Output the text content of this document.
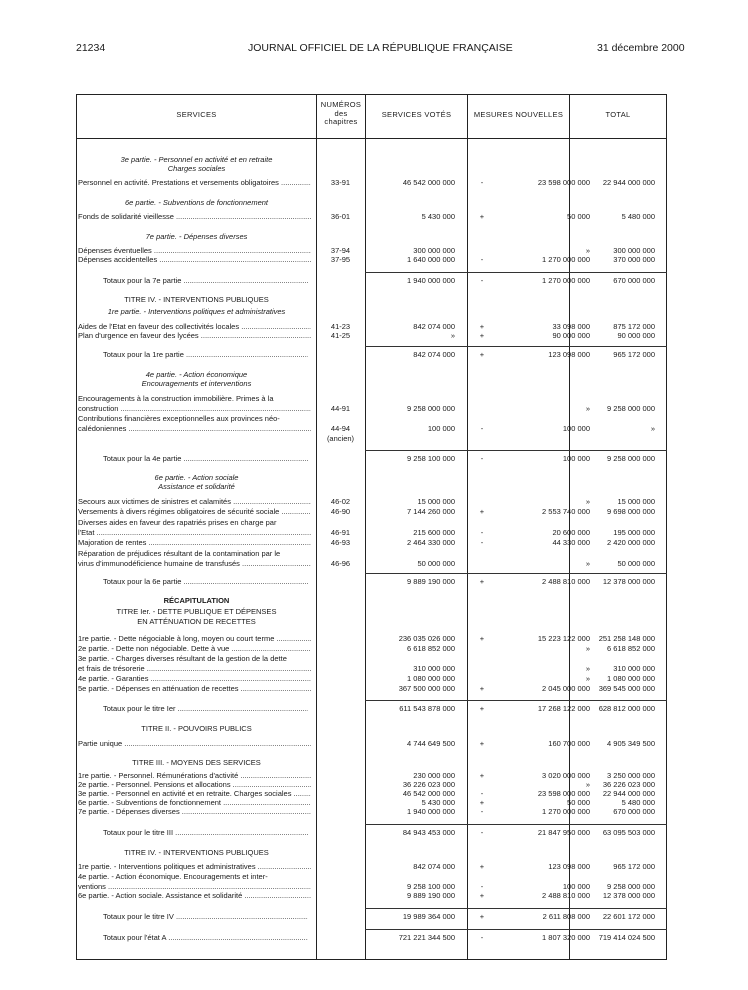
21234	JOURNAL OFFICIEL DE LA RÉPUBLIQUE FRANÇAISE	31 décembre 2000
SERVICES
NUMÉROS
des
chapitres
SERVICES VOTÉS	MESURES NOUVELLES	TOTAL
3e partie. - Personnel en activité et en retraite
Charges sociales
Personnel en activité. Prestations et versements obligatoires .....	33-91	46 542 000 000	-	23 598 000 000	22 944 000 000
6e partie. - Subventions de fonctionnement
Fonds de solidarité vieillesse .....	36-01	5 430 000	+	50 000	5 480 000
7e partie. - Dépenses diverses
Dépenses éventuelles .....	37-94	300 000 000	»	300 000 000
Dépenses accidentelles .....	37-95	1 640 000 000	-	1 270 000 000	370 000 000
Totaux pour la 7e partie .....	1 940 000 000	-	1 270 000 000	670 000 000
TITRE IV. - INTERVENTIONS PUBLIQUES
1re partie. - Interventions politiques et administratives
Aides de l'Etat en faveur des collectivités locales .....	41-23	842 074 000	+	33 098 000	875 172 000
Plan d'urgence en faveur des lycées .....	41-25	»	+	90 000 000	90 000 000
Totaux pour la 1re partie .....	842 074 000	+	123 098 000	965 172 000
4e partie. - Action économique
Encouragements et interventions
Encouragements à la construction immobilière. Primes à la
construction .....	44-91	9 258 000 000	»	9 258 000 000
Contributions financières exceptionnelles aux provinces néo-
calédoniennes .....	44-94	100 000	-	100 000	»
(ancien)
Totaux pour la 4e partie .....	9 258 100 000	-	100 000	9 258 000 000
6e partie. - Action sociale
Assistance et solidarité
Secours aux victimes de sinistres et calamités .....	46-02	15 000 000	»	15 000 000
Versements à divers régimes obligatoires de sécurité sociale .....	46-90	7 144 260 000	+	2 553 740 000	9 698 000 000
Diverses aides en faveur des rapatriés prises en charge par
l'Etat .....	46-91	215 600 000	-	20 600 000	195 000 000
Majoration de rentes .....	46-93	2 464 330 000	-	44 330 000	2 420 000 000
Réparation de préjudices résultant de la contamination par le
virus d'immunodéficience humaine de transfusés .....	46-96	50 000 000	»	50 000 000
Totaux pour la 6e partie .....	9 889 190 000	+	2 488 810 000	12 378 000 000
RÉCAPITULATION
TITRE Ier. - DETTE PUBLIQUE ET DÉPENSES
EN ATTÉNUATION DE RECETTES
1re partie. - Dette négociable à long, moyen ou court terme .....	236 035 026 000	+	15 223 122 000	251 258 148 000
2e partie. - Dette non négociable. Dette à vue .....	6 618 852 000	»	6 618 852 000
3e partie. - Charges diverses résultant de la gestion de la dette
et frais de trésorerie .....	310 000 000	»	310 000 000
4e partie. - Garanties .....	1 080 000 000	»	1 080 000 000
5e partie. - Dépenses en atténuation de recettes .....	367 500 000 000	+	2 045 000 000	369 545 000 000
Totaux pour le titre Ier .....	611 543 878 000	+	17 268 122 000	628 812 000 000
TITRE II. - POUVOIRS PUBLICS
Partie unique .....	4 744 649 500	+	160 700 000	4 905 349 500
TITRE III. - MOYENS DES SERVICES
1re partie. - Personnel. Rémunérations d'activité .....	230 000 000	+	3 020 000 000	3 250 000 000
2e partie. - Personnel. Pensions et allocations .....	36 226 023 000	»	36 226 023 000
3e partie. - Personnel en activité et en retraite. Charges sociales .....	46 542 000 000	-	23 598 000 000	22 944 000 000
6e partie. - Subventions de fonctionnement .....	5 430 000	+	50 000	5 480 000
7e partie. - Dépenses diverses .....	1 940 000 000	-	1 270 000 000	670 000 000
Totaux pour le titre III .....	84 943 453 000	-	21 847 950 000	63 095 503 000
TITRE IV. - INTERVENTIONS PUBLIQUES
1re partie. - Interventions politiques et administratives .....	842 074 000	+	123 098 000	965 172 000
4e partie. - Action économique. Encouragements et inter-
ventions .....	9 258 100 000	-	100 000	9 258 000 000
6e partie. - Action sociale. Assistance et solidarité .....	9 889 190 000	+	2 488 810 000	12 378 000 000
Totaux pour le titre IV .....	19 989 364 000	+	2 611 808 000	22 601 172 000
Totaux pour l'état A .....	721 221 344 500	-	1 807 320 000	719 414 024 500
